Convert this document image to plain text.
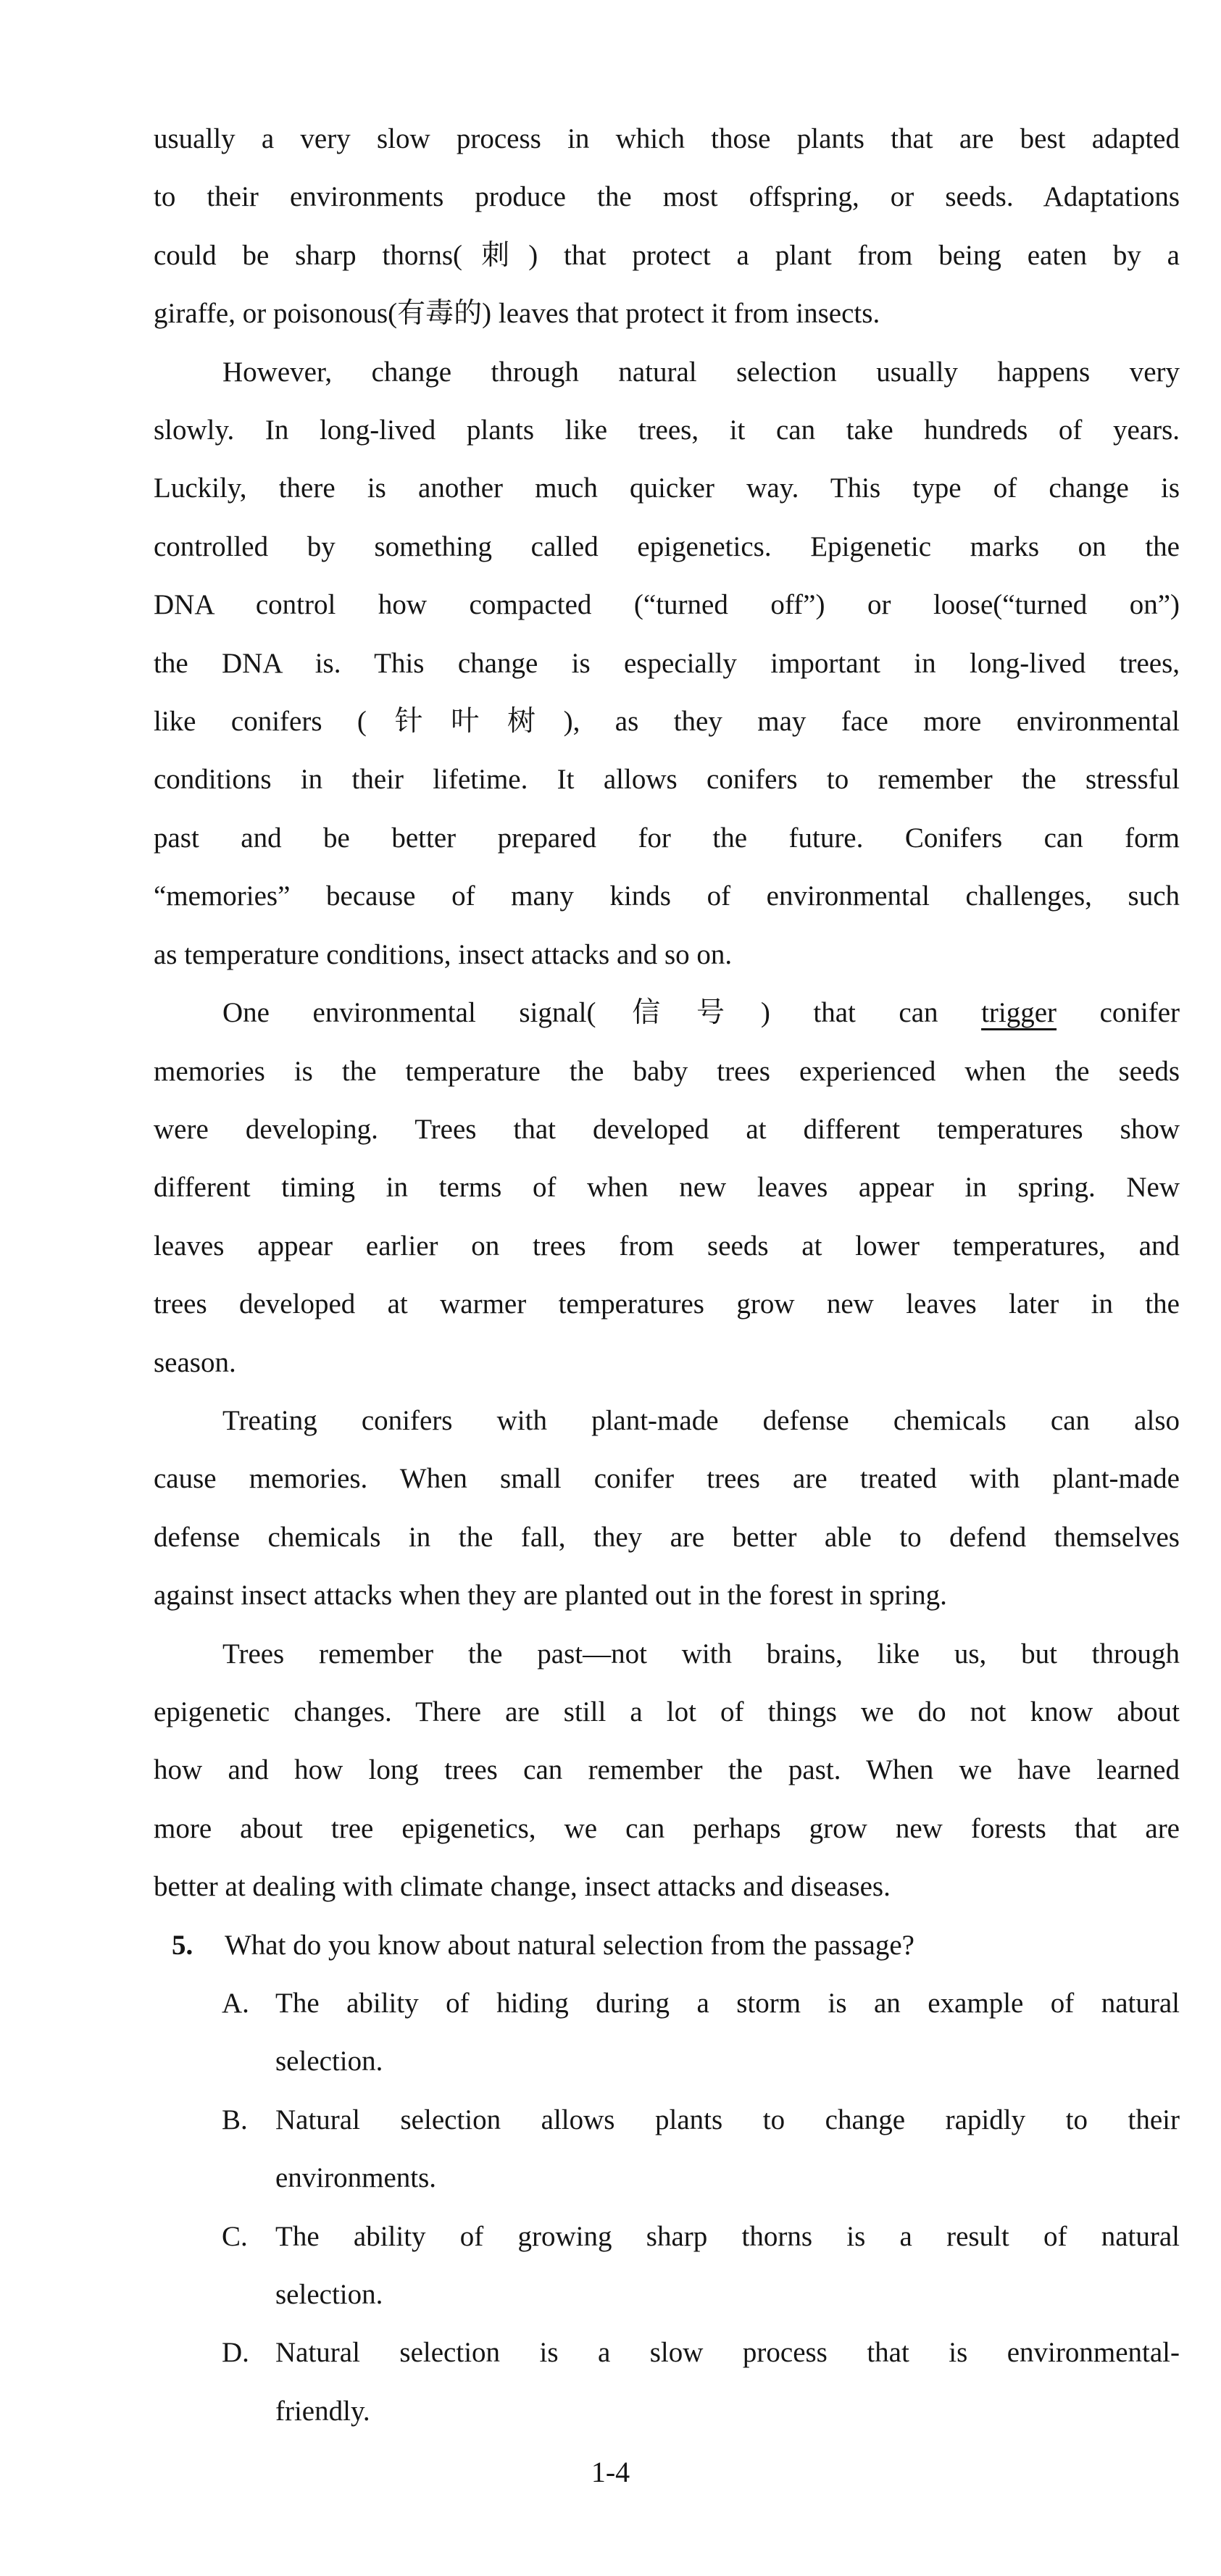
usually a very slow process in which those plants that are best adapted
to their environments produce the most offspring, or seeds. Adaptations
could be sharp thorns(刺) that protect a plant from being eaten by a
giraffe, or poisonous(有毒的) leaves that protect it from insects.
However, change through natural selection usually happens very
slowly. In long-lived plants like trees, it can take hundreds of years.
Luckily, there is another much quicker way. This type of change is
controlled by something called epigenetics. Epigenetic marks on the
DNA control how compacted (“turned off”) or loose(“turned on”)
the DNA is. This change is especially important in long-lived trees,
like conifers (针叶树), as they may face more environmental
conditions in their lifetime. It allows conifers to remember the stressful
past and be better prepared for the future. Conifers can form
“memories” because of many kinds of environmental challenges, such
as temperature conditions, insect attacks and so on.
One environmental signal(信号) that can trigger conifer
memories is the temperature the baby trees experienced when the seeds
were developing. Trees that developed at different temperatures show
different timing in terms of when new leaves appear in spring. New
leaves appear earlier on trees from seeds at lower temperatures, and
trees developed at warmer temperatures grow new leaves later in the
season.
Treating conifers with plant-made defense chemicals can also
cause memories. When small conifer trees are treated with plant-made
defense chemicals in the fall, they are better able to defend themselves
against insect attacks when they are planted out in the forest in spring.
Trees remember the past—not with brains, like us, but through
epigenetic changes. There are still a lot of things we do not know about
how and how long trees can remember the past. When we have learned
more about tree epigenetics, we can perhaps grow new forests that are
better at dealing with climate change, insect attacks and diseases.
5.	What do you know about natural selection from the passage?
A. The ability of hiding during a storm is an example of natural
selection.
B. Natural selection allows plants to change rapidly to their
environments.
C. The ability of growing sharp thorns is a result of natural
selection.
D. Natural selection is a slow process that is environmental-
friendly.
1-4
